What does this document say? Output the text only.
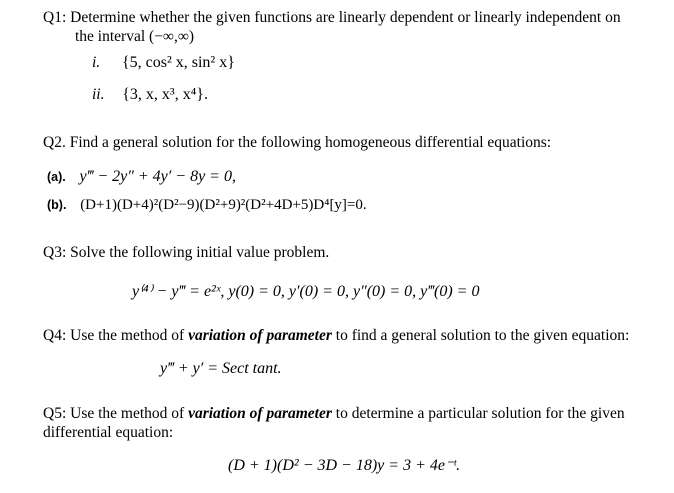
Q1: Determine whether the given functions are linearly dependent or linearly independent on
the interval (−∞,∞)
i. {5, cos² x, sin² x}
ii. {3, x, x³, x⁴}.
Q2. Find a general solution for the following homogeneous differential equations:
(a). y‴ − 2y″ + 4y′ − 8y = 0,
(b). (D+1)(D+4)²(D²−9)(D²+9)²(D²+4D+5)D⁴[y]=0.
Q3: Solve the following initial value problem.
y⁽⁴⁾ − y‴ = e²ˣ, y(0) = 0, y′(0) = 0, y″(0) = 0, y‴(0) = 0
Q4: Use the method of variation of parameter to find a general solution to the given equation:
y‴ + y′ = Sect tant.
Q5: Use the method of variation of parameter to determine a particular solution for the given
differential equation:
(D + 1)(D² − 3D − 18)y = 3 + 4e⁻ᵗ.
